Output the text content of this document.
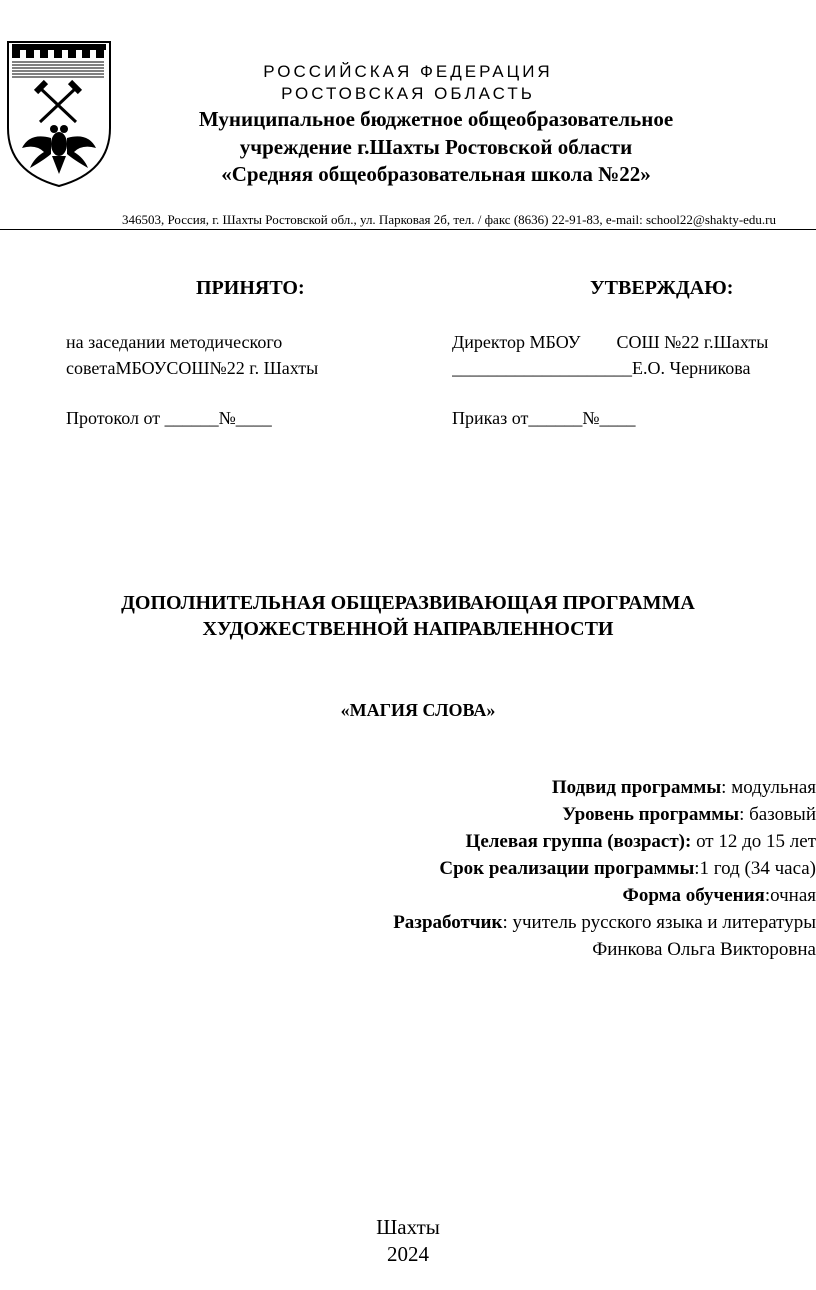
РОССИЙСКАЯ ФЕДЕРАЦИЯ
РОСТОВСКАЯ ОБЛАСТЬ
Муниципальное бюджетное общеобразовательное
учреждение г.Шахты Ростовской области
«Средняя общеобразовательная школа №22»
346503, Россия, г. Шахты Ростовской обл., ул. Парковая 2б, тел. / факс (8636) 22-91-83, e-mail: school22@shakty-edu.ru
ПРИНЯТО:
на заседании методического
советаМБОУСОШ№22 г. Шахты
Протокол от ______№____
УТВЕРЖДАЮ:
Директор МБОУ        СОШ №22 г.Шахты
____________________Е.О. Черникова
Приказ от______№____
ДОПОЛНИТЕЛЬНАЯ ОБЩЕРАЗВИВАЮЩАЯ ПРОГРАММА
ХУДОЖЕСТВЕННОЙ НАПРАВЛЕННОСТИ
«МАГИЯ СЛОВА»
Подвид программы: модульная
Уровень программы: базовый
Целевая группа (возраст): от 12 до 15 лет
Срок реализации программы:1 год (34 часа)
Форма обучения:очная
Разработчик: учитель русского языка и литературы
Финкова Ольга Викторовна
Шахты
2024
